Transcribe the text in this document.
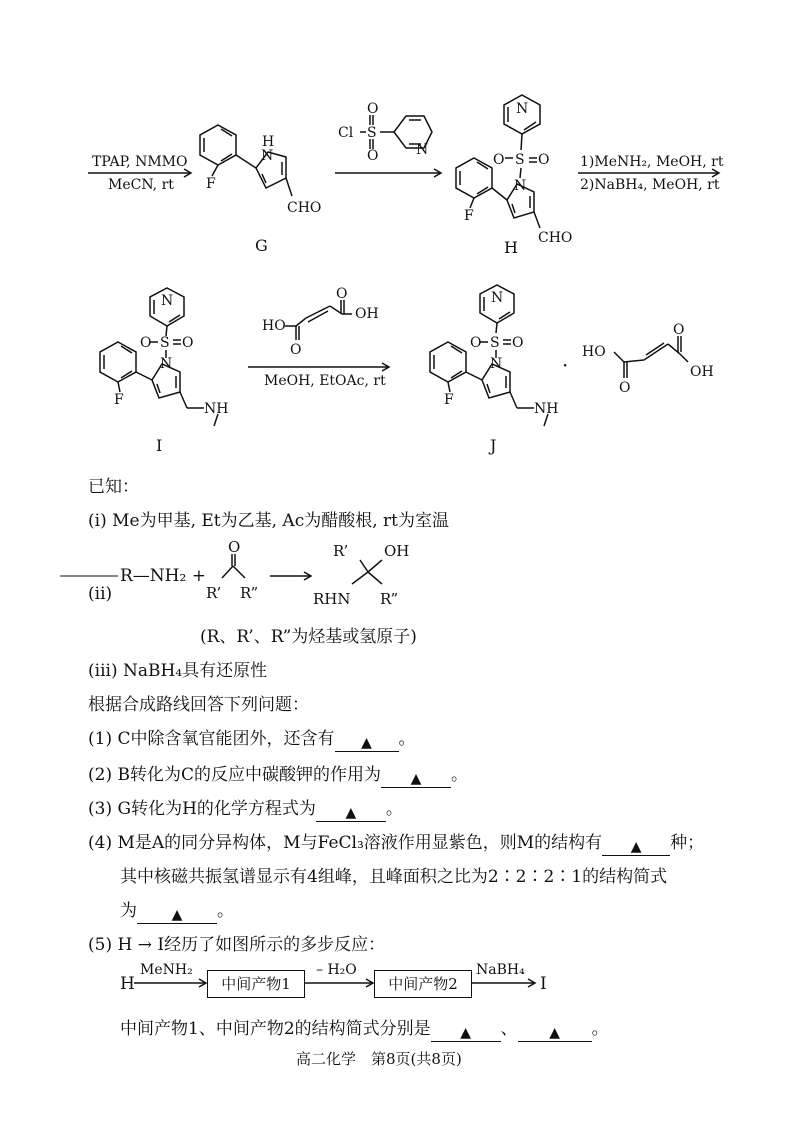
H
N
F
CHO
Cl S
O
O	N
N
S
O O
N
F
CHO
N
S
O O
N
F
NH
HO
O
O
OH
N
S
O O
N
F
NH
HO
O
O
OH
·
O
R’ R”
R’ OH
RHN R”
TPAP, NMMO
MeCN, rt
1)MeNH₂, MeOH, rt
2)NaBH₄, MeOH, rt
G	H
MeOH, EtOAc, rt
I	J
已知：
(i) Me为甲基, Et为乙基, Ac为醋酸根, rt为室温
(ii)
R—NH₂ +
(R、R’、R”为烃基或氢原子)
(iii) NaBH₄具有还原性
根据合成路线回答下列问题：
(1) C中除含氧官能团外，还含有 ▲ 。
(2) B转化为C的反应中碳酸钾的作用为 ▲ 。
(3) G转化为H的化学方程式为 ▲ 。
(4) M是A的同分异构体，M与FeCl₃溶液作用显紫色，则M的结构有 ▲ 种；
其中核磁共振氢谱显示有4组峰，且峰面积之比为2∶2∶2∶1的结构简式
为 ▲ 。
(5) H → I经历了如图所示的多步反应：
H
MeNH₂
中间产物1
– H₂O
中间产物2
NaBH₄
I
中间产物1、中间产物2的结构简式分别是 ▲ 、 ▲ 。
高二化学　第8页(共8页)
